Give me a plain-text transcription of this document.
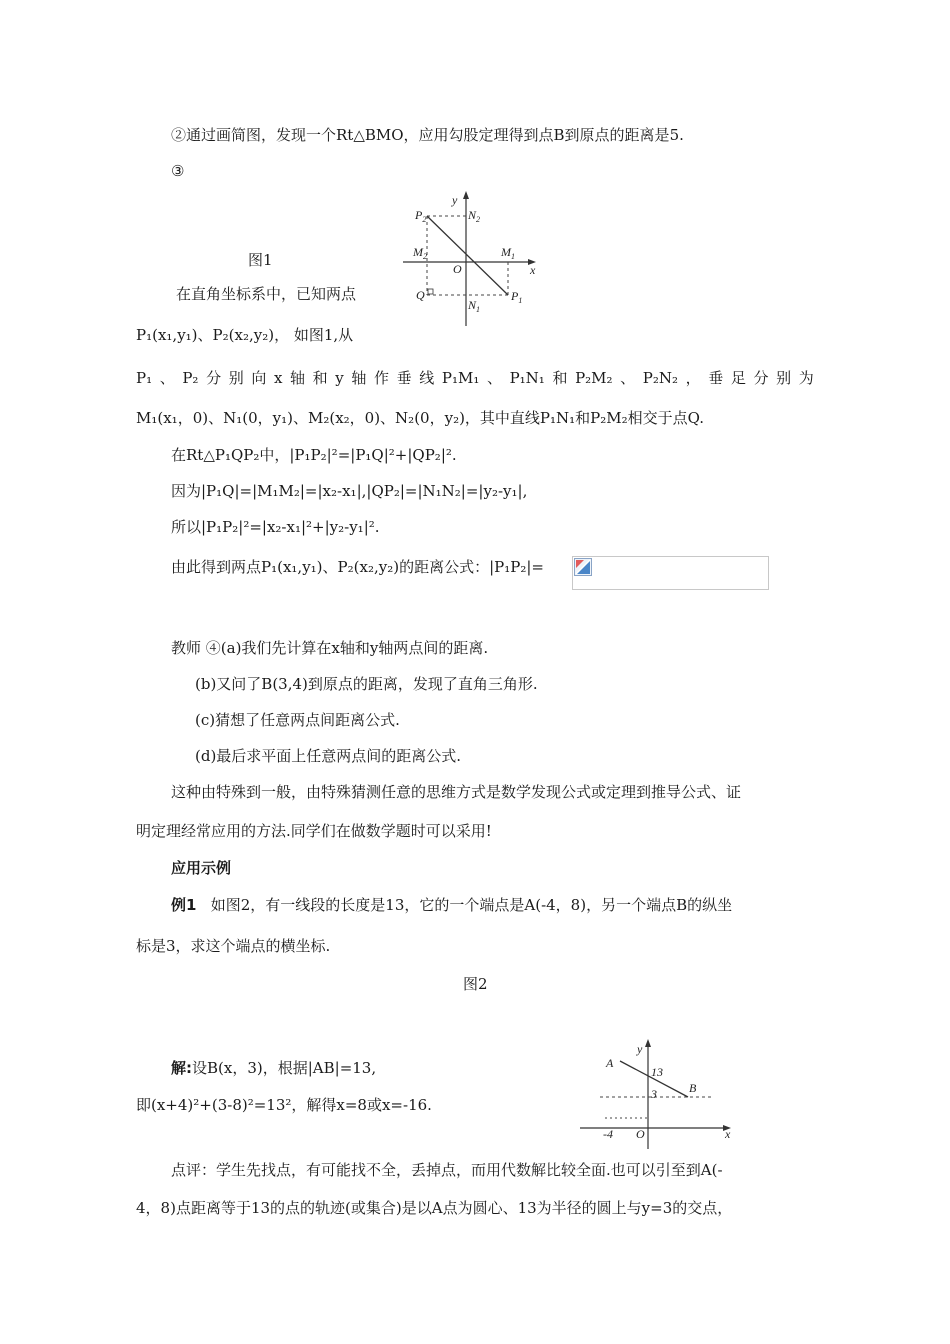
②通过画简图，发现一个Rt△BMO，应用勾股定理得到点B到原点的距离是5.
③
y
x
O
$P_2$	$N_2$
$M_2$	$M_1$
Q
$N_1$
$P_1$
图1
在直角坐标系中，已知两点
P₁(x₁,y₁)、P₂(x₂,y₂)， 如图1,从
P₁ 、 P₂ 分 别 向 x 轴 和 y 轴 作 垂 线 P₁M₁ 、 P₁N₁ 和 P₂M₂ 、 P₂N₂ ， 垂 足 分 别 为
M₁(x₁，0)、N₁(0，y₁)、M₂(x₂，0)、N₂(0，y₂)，其中直线P₁N₁和P₂M₂相交于点Q.
在Rt△P₁QP₂中，|P₁P₂|²=|P₁Q|²+|QP₂|².
因为|P₁Q|=|M₁M₂|=|x₂-x₁|,|QP₂|=|N₁N₂|=|y₂-y₁|,
所以|P₁P₂|²=|x₂-x₁|²+|y₂-y₁|².
由此得到两点P₁(x₁,y₁)、P₂(x₂,y₂)的距离公式：|P₁P₂|=
教师 ④(a)我们先计算在x轴和y轴两点间的距离.
(b)又问了B(3,4)到原点的距离，发现了直角三角形.
(c)猜想了任意两点间距离公式.
(d)最后求平面上任意两点间的距离公式.
这种由特殊到一般，由特殊猜测任意的思维方式是数学发现公式或定理到推导公式、证
明定理经常应用的方法.同学们在做数学题时可以采用!
应用示例
例1 如图2，有一线段的长度是13，它的一个端点是A(-4，8)，另一个端点B的纵坐
标是3，求这个端点的横坐标.
图2
解:设B(x，3)，根据|AB|=13,
即(x+4)²+(3-8)²=13²，解得x=8或x=-16.
y
x
A
B
O
13
3
-4
点评：学生先找点，有可能找不全，丢掉点，而用代数解比较全面.也可以引至到A(-
4，8)点距离等于13的点的轨迹(或集合)是以A点为圆心、13为半径的圆上与y=3的交点，
